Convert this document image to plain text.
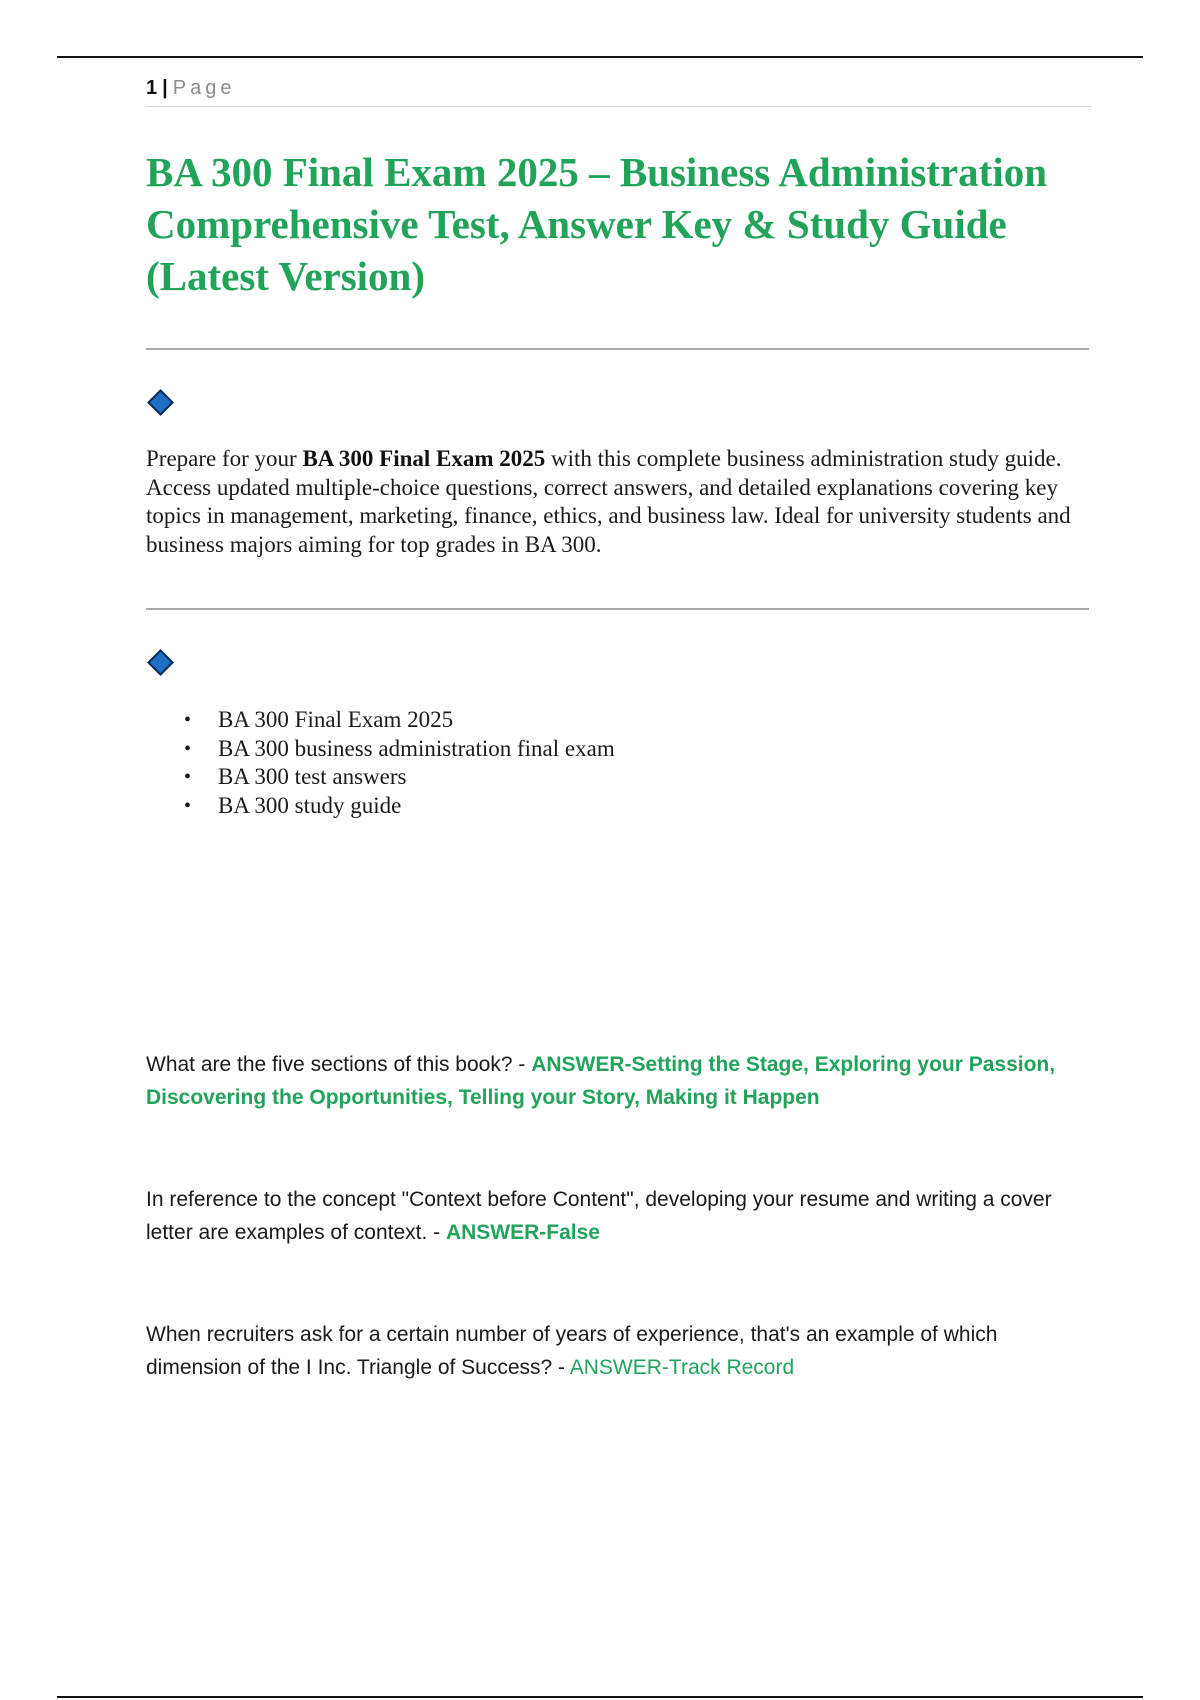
1 | Page
BA 300 Final Exam 2025 – Business Administration Comprehensive Test, Answer Key & Study Guide (Latest Version)

Prepare for your BA 300 Final Exam 2025 with this complete business administration study guide. Access updated multiple-choice questions, correct answers, and detailed explanations covering key topics in management, marketing, finance, ethics, and business law. Ideal for university students and business majors aiming for top grades in BA 300.

• BA 300 Final Exam 2025
• BA 300 business administration final exam
• BA 300 test answers
• BA 300 study guide

What are the five sections of this book? - ANSWER-Setting the Stage, Exploring your Passion, Discovering the Opportunities, Telling your Story, Making it Happen

In reference to the concept "Context before Content", developing your resume and writing a cover letter are examples of context. - ANSWER-False

When recruiters ask for a certain number of years of experience, that's an example of which dimension of the I Inc. Triangle of Success? - ANSWER-Track Record
